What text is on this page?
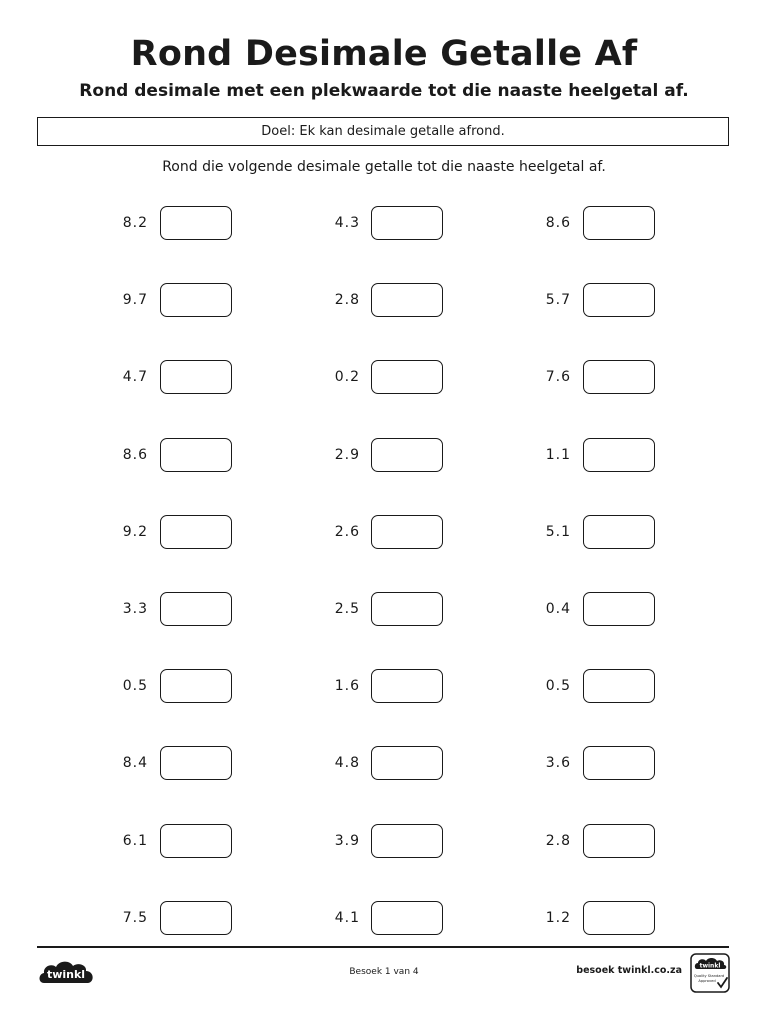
Rond Desimale Getalle Af
Rond desimale met een plekwaarde tot die naaste heelgetal af.
Doel: Ek kan desimale getalle afrond.
Rond die volgende desimale getalle tot die naaste heelgetal af.
8.2	4.3	8.6
9.7	2.8	5.7
4.7	0.2	7.6
8.6	2.9	1.1
9.2	2.6	5.1
3.3	2.5	0.4
0.5	1.6	0.5
8.4	4.8	3.6
6.1	3.9	2.8
7.5	4.1	1.2
twinkl	Besoek 1 van 4	besoek twinkl.co.za	twinkl
Quality Standard
Approved
